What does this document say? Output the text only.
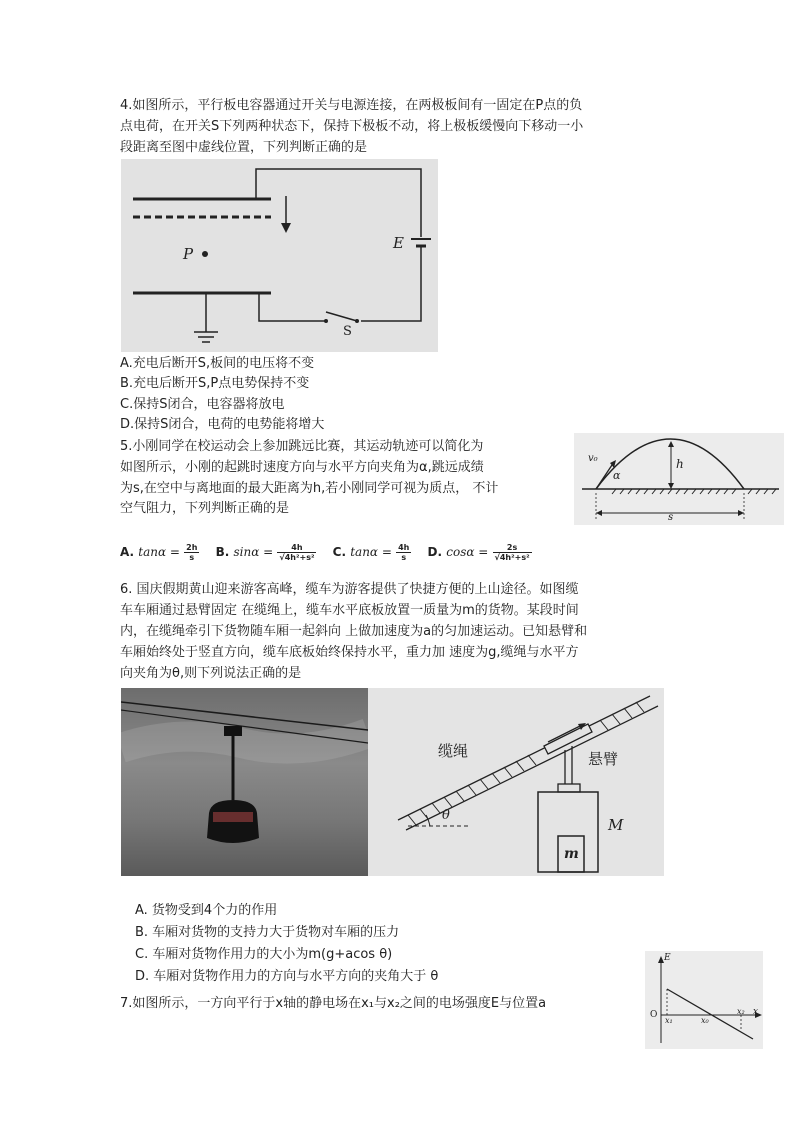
4.如图所示，平行板电容器通过开关与电源连接，在两极板间有一固定在P点的负
点电荷，在开关S下列两种状态下，保持下极板不动，将上极板缓慢向下移动一小
段距离至图中虚线位置，下列判断正确的是
P
E
S
A.充电后断开S,板间的电压将不变
B.充电后断开S,P点电势保持不变
C.保持S闭合，电容器将放电
D.保持S闭合，电荷的电势能将增大
5.小刚同学在校运动会上参加跳远比赛，其运动轨迹可以简化为
如图所示，小刚的起跳时速度方向与水平方向夹角为α,跳远成绩
为s,在空中与离地面的最大距离为h,若小刚同学可视为质点， 不计
空气阻力，下列判断正确的是
v₀
α
h
s
A. $\tan\alpha = \frac{2h}{s} B$. $\sin\alpha = \frac{4h}{\text{√4h²+s²}} C$. $\tan\alpha = \frac{4h}{s} D$. $\cos\alpha = \frac{2s}{\text{√4h²+s²}}$
6. 国庆假期黄山迎来游客高峰，缆车为游客提供了快捷方便的上山途径。如图缆
车车厢通过悬臂固定 在缆绳上，缆车水平底板放置一质量为m的货物。某段时间
内，在缆绳牵引下货物随车厢一起斜向 上做加速度为a的匀加速运动。已知悬臂和
车厢始终处于竖直方向，缆车底板始终保持水平，重力加 速度为g,缆绳与水平方
向夹角为θ,则下列说法正确的是
缆绳	悬臂
θ
M
m
A. 货物受到4个力的作用
B. 车厢对货物的支持力大于货物对车厢的压力
C. 车厢对货物作用力的大小为m(g+acos θ)
D. 车厢对货物作用力的方向与水平方向的夹角大于 θ
7.如图所示，一方向平行于x轴的静电场在x₁与x₂之间的电场强度E与位置a
E
O
x₁	x₀
x₂ x
